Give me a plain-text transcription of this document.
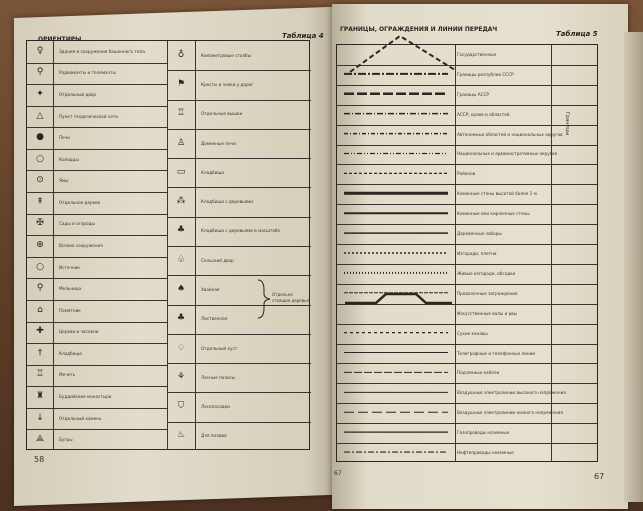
ОРИЕНТИРЫ	Таблица 4
58
♀	Здания и сооружения башенного типа
⚲	Радиомачты и телемачты
✦	Отдельный двор
△	Пункт геодезической сети
●	Печи
○	Колодцы
⊙	Ямы
↟	Отдельное дерево
✠	Сады и огороды
⊕	Всякие сооружения
○	Источник
⚲	Мельница
⌂	Памятник
✚	Церкви и часовни
†	Кладбище
♖	Мечеть
♜	Буддийские монастыри
↓	Отдельный камень
⟁	Бугры
♁	Километровые столбы
⚑	Кресты и знаки у дорог
♖	Отдельные вышки
♙	Доменные печи
▭	Кладбища
⁂	Кладбища с деревьями
♣	Кладбища с деревьями в масштабе
♧	Сельский двор
♠	Хвойная
♣	Лиственная
♢	Отдельный куст
⚘	Лесные полосы
⛉	Лесопосадки
♨	Для полива
ГРАНИЦЫ, ОГРАЖДЕНИЯ И ЛИНИИ ПЕРЕДАЧ
Таблица 5
67
67
Государственные
Границы республик СССР
Границы АССР
АССР, краев и областей
Автономных областей и национальных округов
Национальных и административных округов
Районов
Каменные стены высотой более 1 м
Каменные или кирпичные стены
Деревянные заборы
Изгороди, плетни
Живые изгороди, обсадки
Проволочные заграждения
Искусственные валы и рвы
Сухие канавы
Телеграфные и телефонные линии
Подземные кабели
Воздушные электролинии высокого напряжения
Воздушные электролинии низкого напряжения
Газопроводы наземные
Нефтепроводы наземные
Границы
Отдельно стоящие деревья
